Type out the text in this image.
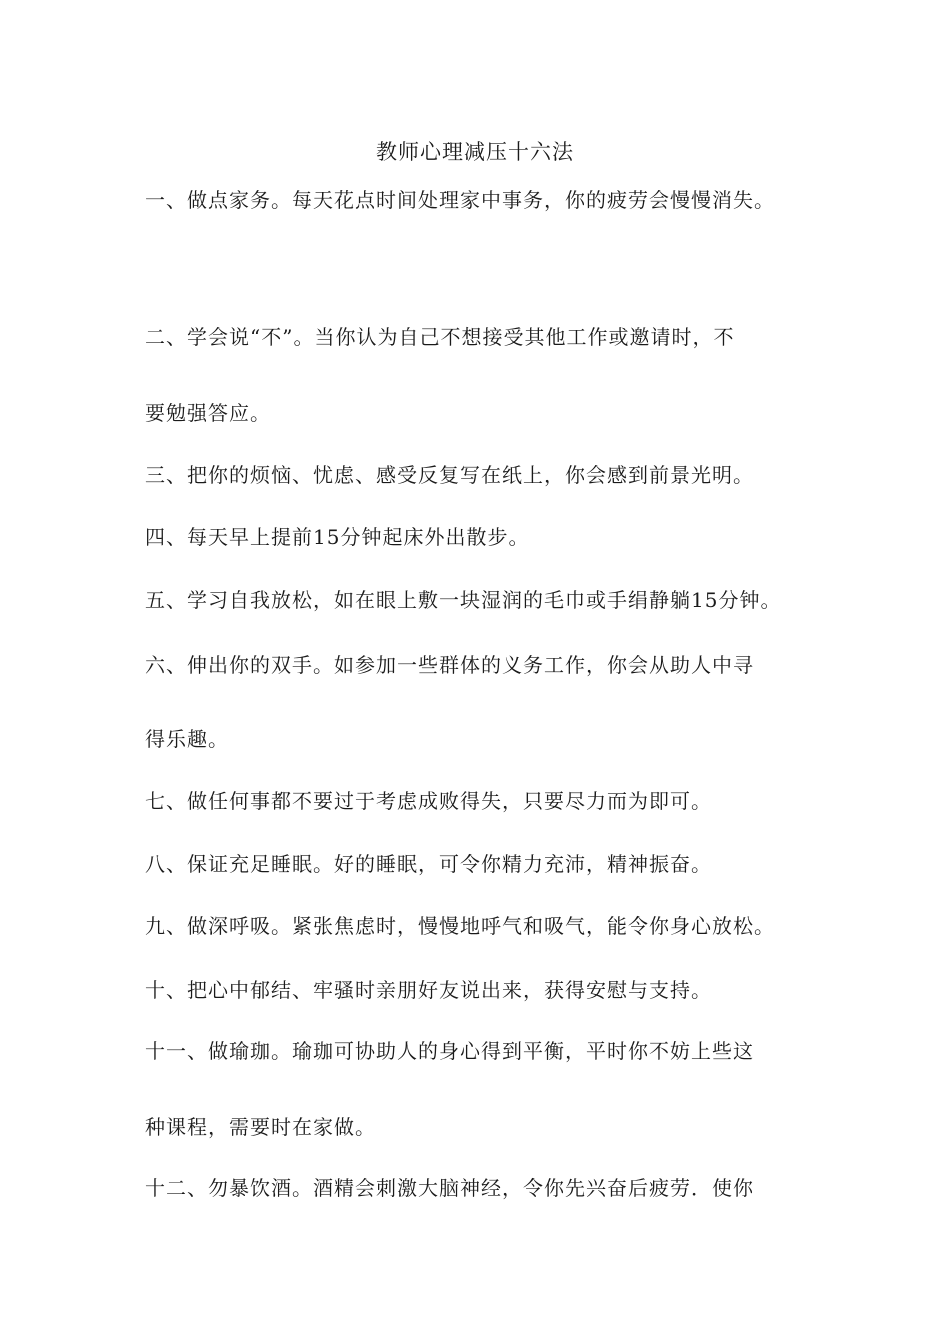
教师心理减压十六法
一、做点家务。每天花点时间处理家中事务，你的疲劳会慢慢消失。
二、学会说“不”。当你认为自己不想接受其他工作或邀请时，不
要勉强答应。
三、把你的烦恼、忧虑、感受反复写在纸上，你会感到前景光明。
四、每天早上提前15分钟起床外出散步。
五、学习自我放松，如在眼上敷一块湿润的毛巾或手绢静躺15分钟。
六、伸出你的双手。如参加一些群体的义务工作，你会从助人中寻
得乐趣。
七、做任何事都不要过于考虑成败得失，只要尽力而为即可。
八、保证充足睡眠。好的睡眠，可令你精力充沛，精神振奋。
九、做深呼吸。紧张焦虑时，慢慢地呼气和吸气，能令你身心放松。
十、把心中郁结、牢骚时亲朋好友说出来，获得安慰与支持。
十一、做瑜珈。瑜珈可协助人的身心得到平衡，平时你不妨上些这
种课程，需要时在家做。
十二、勿暴饮酒。酒精会刺激大脑神经，令你先兴奋后疲劳．使你
